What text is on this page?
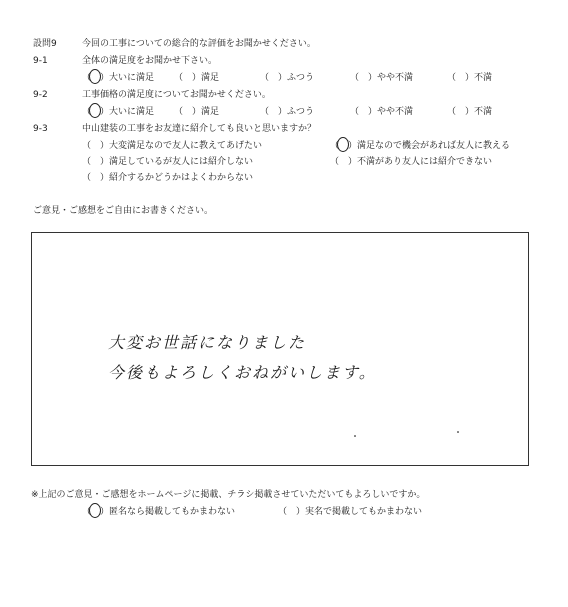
設問9	今回の工事についての総合的な評価をお聞かせください。
9-1	全体の満足度をお聞かせ下さい。
（　）大いに満足 （　）満足	（　）ふつう	（　）やや不満	（　）不満
9-2	工事価格の満足度についてお聞かせください。
（　）大いに満足 （　）満足	（　）ふつう	（　）やや不満	（　）不満
9-3	中山建装の工事をお友達に紹介しても良いと思いますか？
（　）大変満足なので友人に教えてあげたい	（　）満足なので機会があれば友人に教える
（　）満足しているが友人には紹介しない	（　）不満があり友人には紹介できない
（　）紹介するかどうかはよくわからない
ご意見・ご感想をご自由にお書きください。
大変お世話になりました
今後もよろしくおねがいします。
※上記のご意見・ご感想をホームページに掲載、チラシ掲載させていただいてもよろしいですか。
（　）匿名なら掲載してもかまわない	（　）実名で掲載してもかまわない
